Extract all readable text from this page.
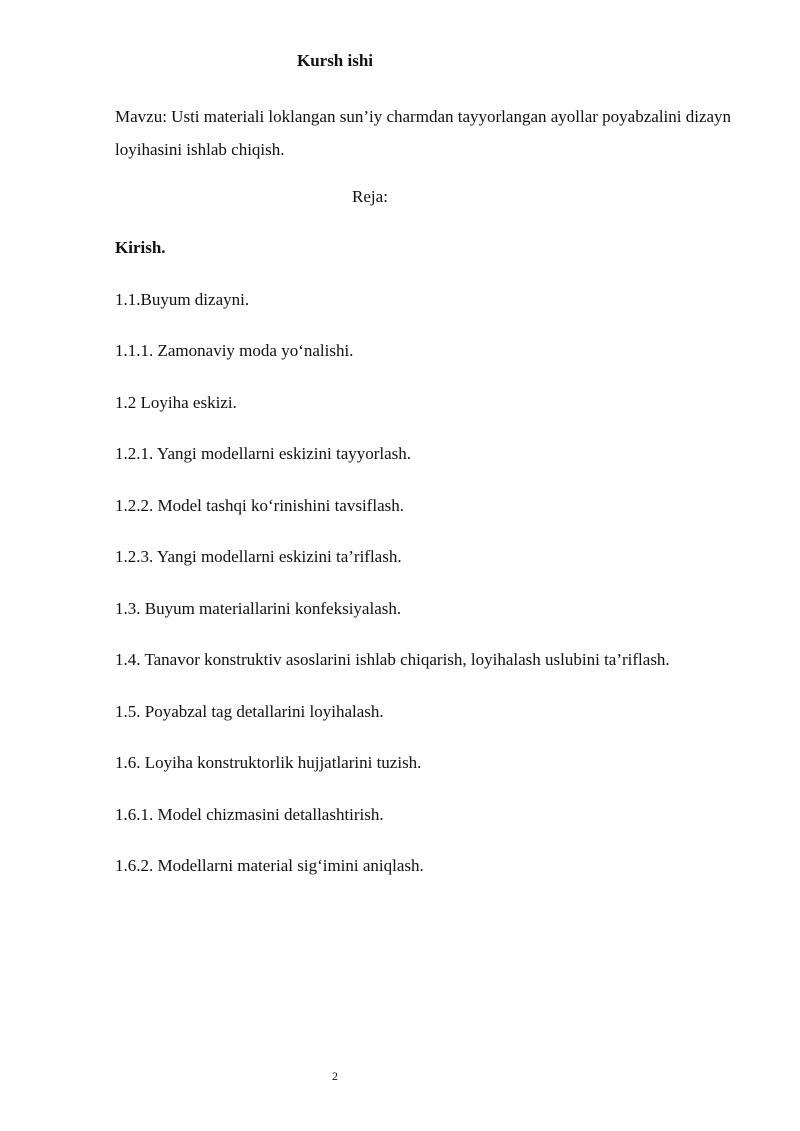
Kursh ishi
Mavzu: Usti materiali loklangan sun’iy charmdan tayyorlangan ayollar poyabzalini dizayn loyihasini ishlab chiqish.
Reja:
Kirish.
1.1.Buyum dizayni.
1.1.1. Zamonaviy moda yo‘nalishi.
1.2 Loyiha eskizi.
1.2.1. Yangi modellarni eskizini tayyorlash.
1.2.2. Model tashqi ko‘rinishini tavsiflash.
1.2.3. Yangi modellarni eskizini ta’riflash.
1.3. Buyum materiallarini konfeksiyalash.
1.4. Tanavor konstruktiv asoslarini ishlab chiqarish, loyihalash uslubini ta’riflash.
1.5. Poyabzal tag detallarini loyihalash.
1.6. Loyiha konstruktorlik hujjatlarini tuzish.
1.6.1. Model chizmasini detallashtirish.
1.6.2. Modellarni material sig‘imini aniqlash.
2
